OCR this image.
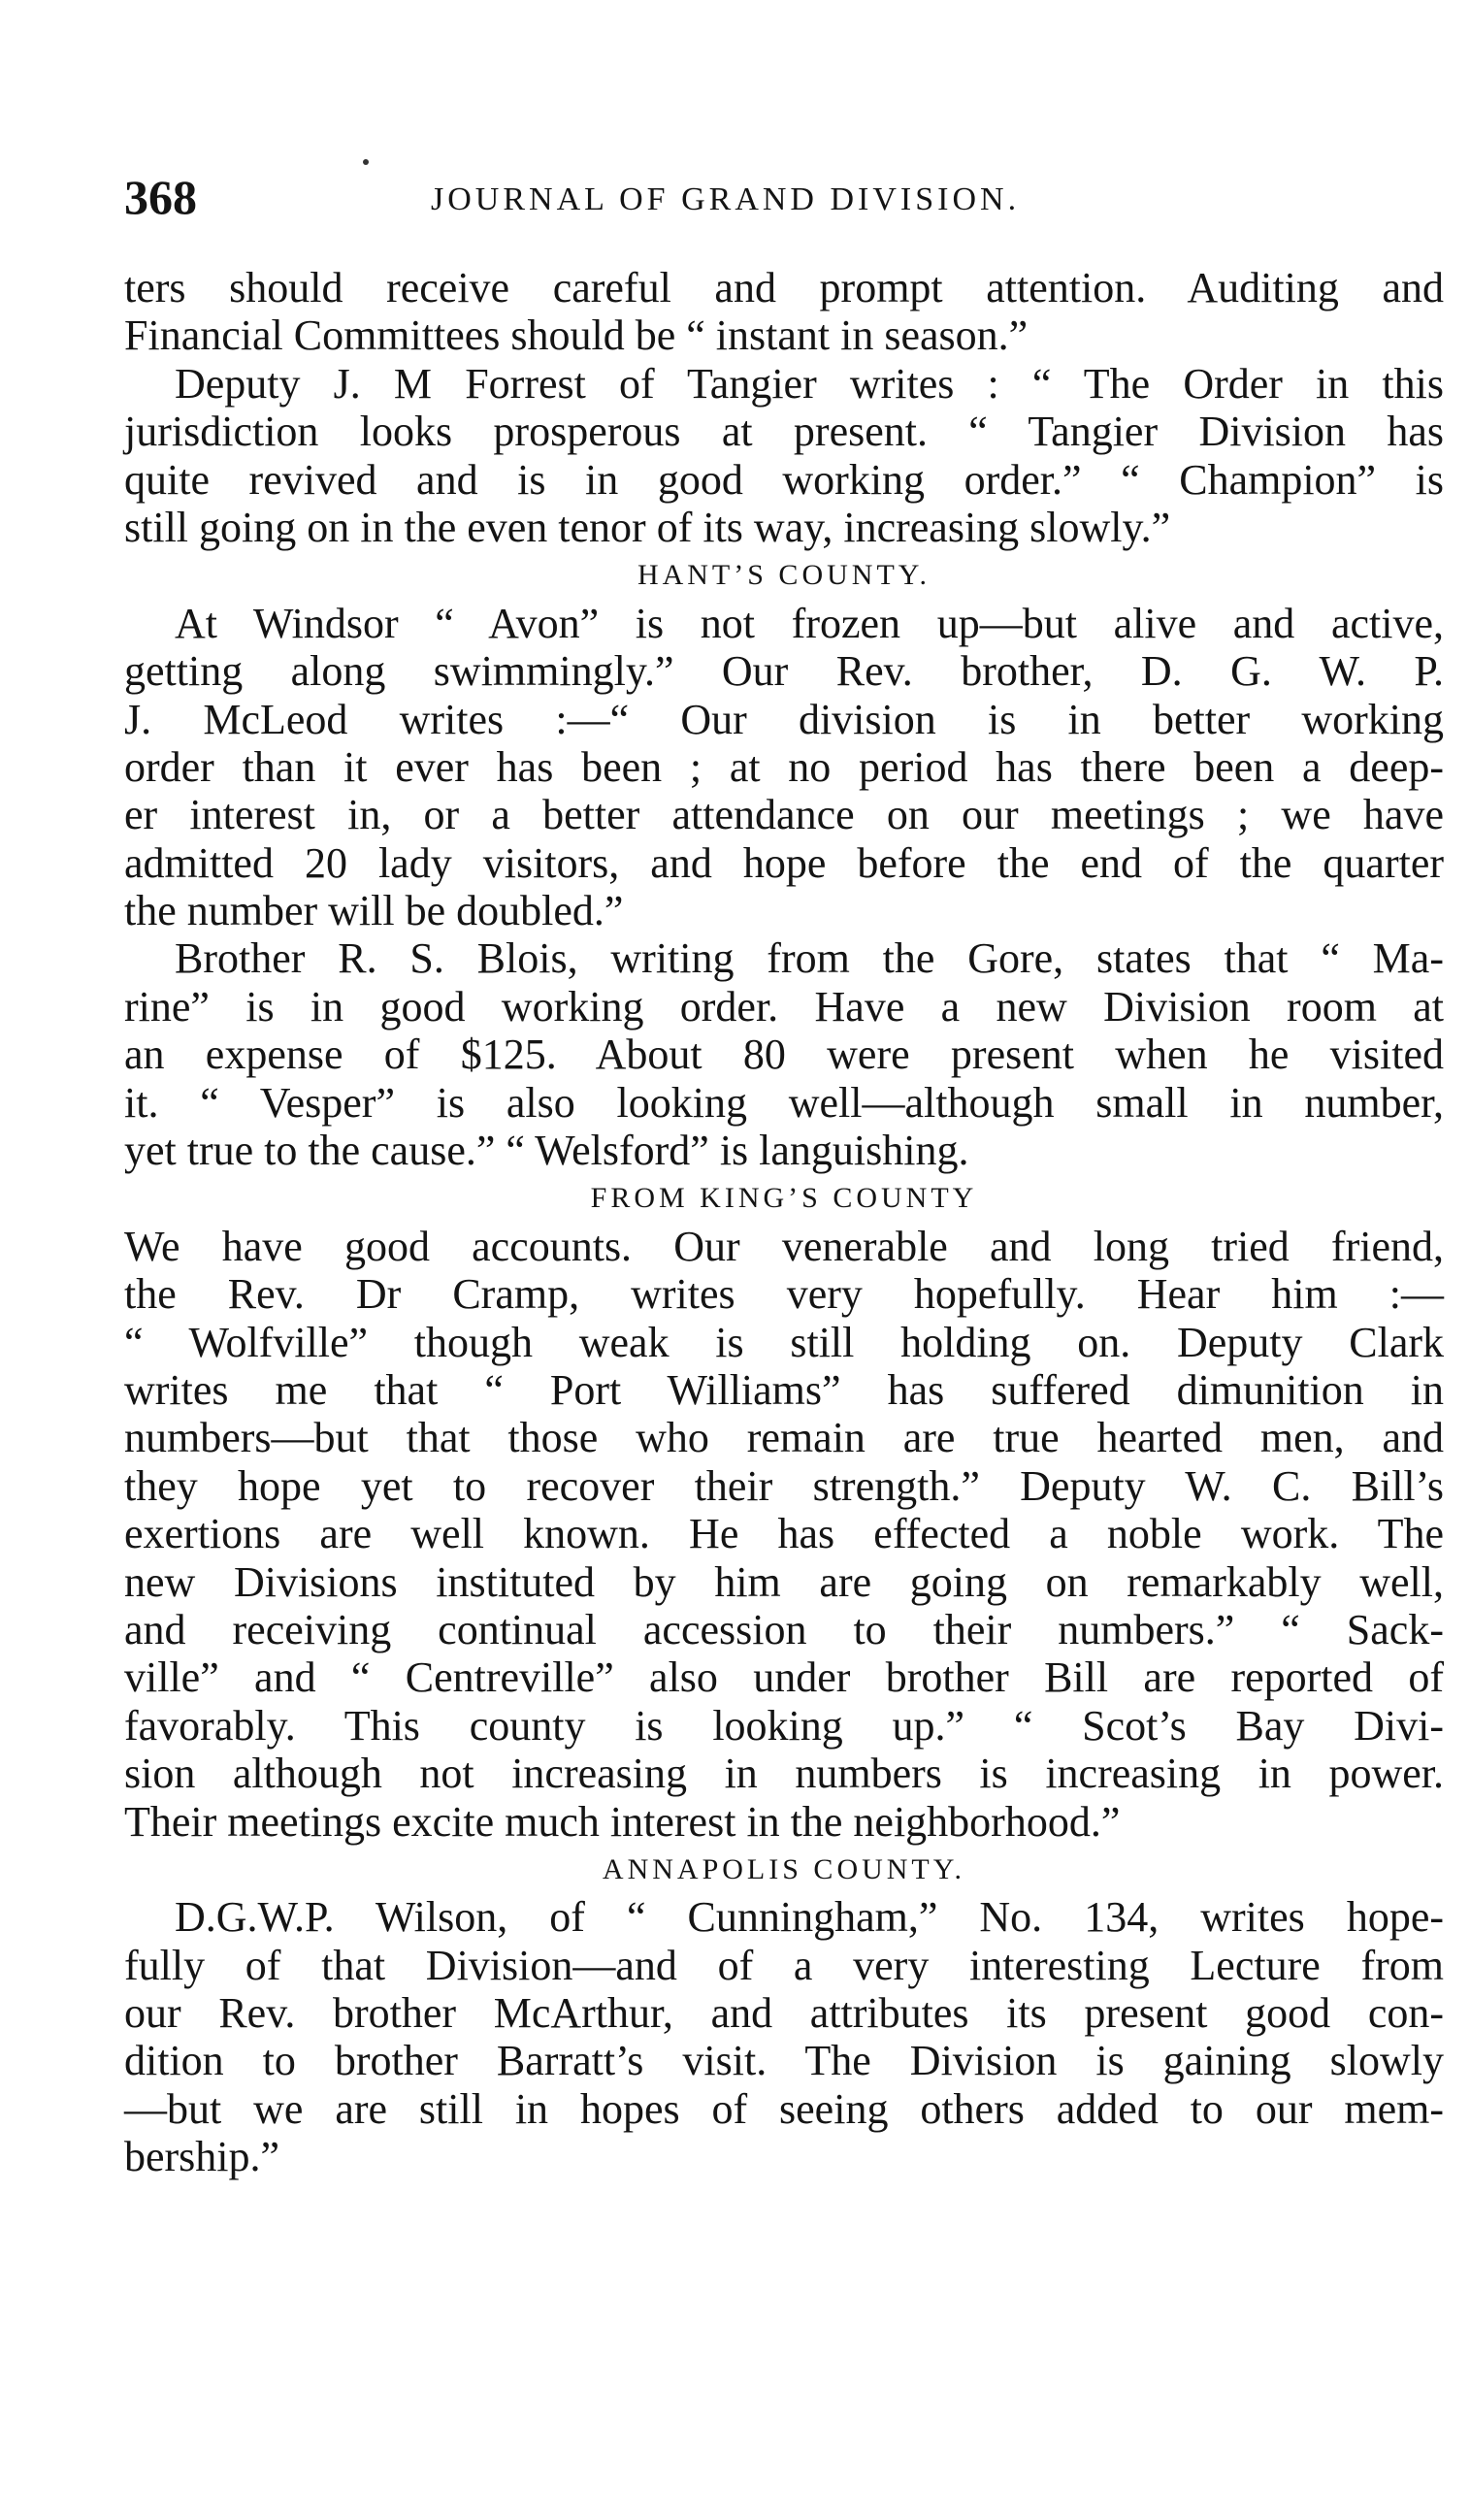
368	JOURNAL OF GRAND DIVISION.
ters should receive careful and prompt attention. Auditing and
Financial Committees should be “ instant in season.”
Deputy J. M Forrest of Tangier writes : “ The Order in this
jurisdiction looks prosperous at present. “ Tangier Division has
quite revived and is in good working order.” “ Champion” is
still going on in the even tenor of its way, increasing slowly.”
HANT’S COUNTY.
At Windsor “ Avon” is not frozen up—but alive and active,
getting along swimmingly.” Our Rev. brother, D. G. W. P.
J. McLeod writes :—“ Our division is in better working
order than it ever has been ; at no period has there been a deep-
er interest in, or a better attendance on our meetings ; we have
admitted 20 lady visitors, and hope before the end of the quarter
the number will be doubled.”
Brother R. S. Blois, writing from the Gore, states that “ Ma-
rine” is in good working order. Have a new Division room at
an expense of $125. About 80 were present when he visited
it. “ Vesper” is also looking well—although small in number,
yet true to the cause.” “ Welsford” is languishing.
FROM KING’S COUNTY
We have good accounts. Our venerable and long tried friend,
the Rev. Dr Cramp, writes very hopefully. Hear him :—
“ Wolfville” though weak is still holding on. Deputy Clark
writes me that “ Port Williams” has suffered dimunition in
numbers—but that those who remain are true hearted men, and
they hope yet to recover their strength.” Deputy W. C. Bill’s
exertions are well known. He has effected a noble work. The
new Divisions instituted by him are going on remarkably well,
and receiving continual accession to their numbers.” “ Sack-
ville” and “ Centreville” also under brother Bill are reported of
favorably. This county is looking up.” “ Scot’s Bay Divi-
sion although not increasing in numbers is increasing in power.
Their meetings excite much interest in the neighborhood.”
ANNAPOLIS COUNTY.
D.G.W.P. Wilson, of “ Cunningham,” No. 134, writes hope-
fully of that Division—and of a very interesting Lecture from
our Rev. brother McArthur, and attributes its present good con-
dition to brother Barratt’s visit. The Division is gaining slowly
—but we are still in hopes of seeing others added to our mem-
bership.”
